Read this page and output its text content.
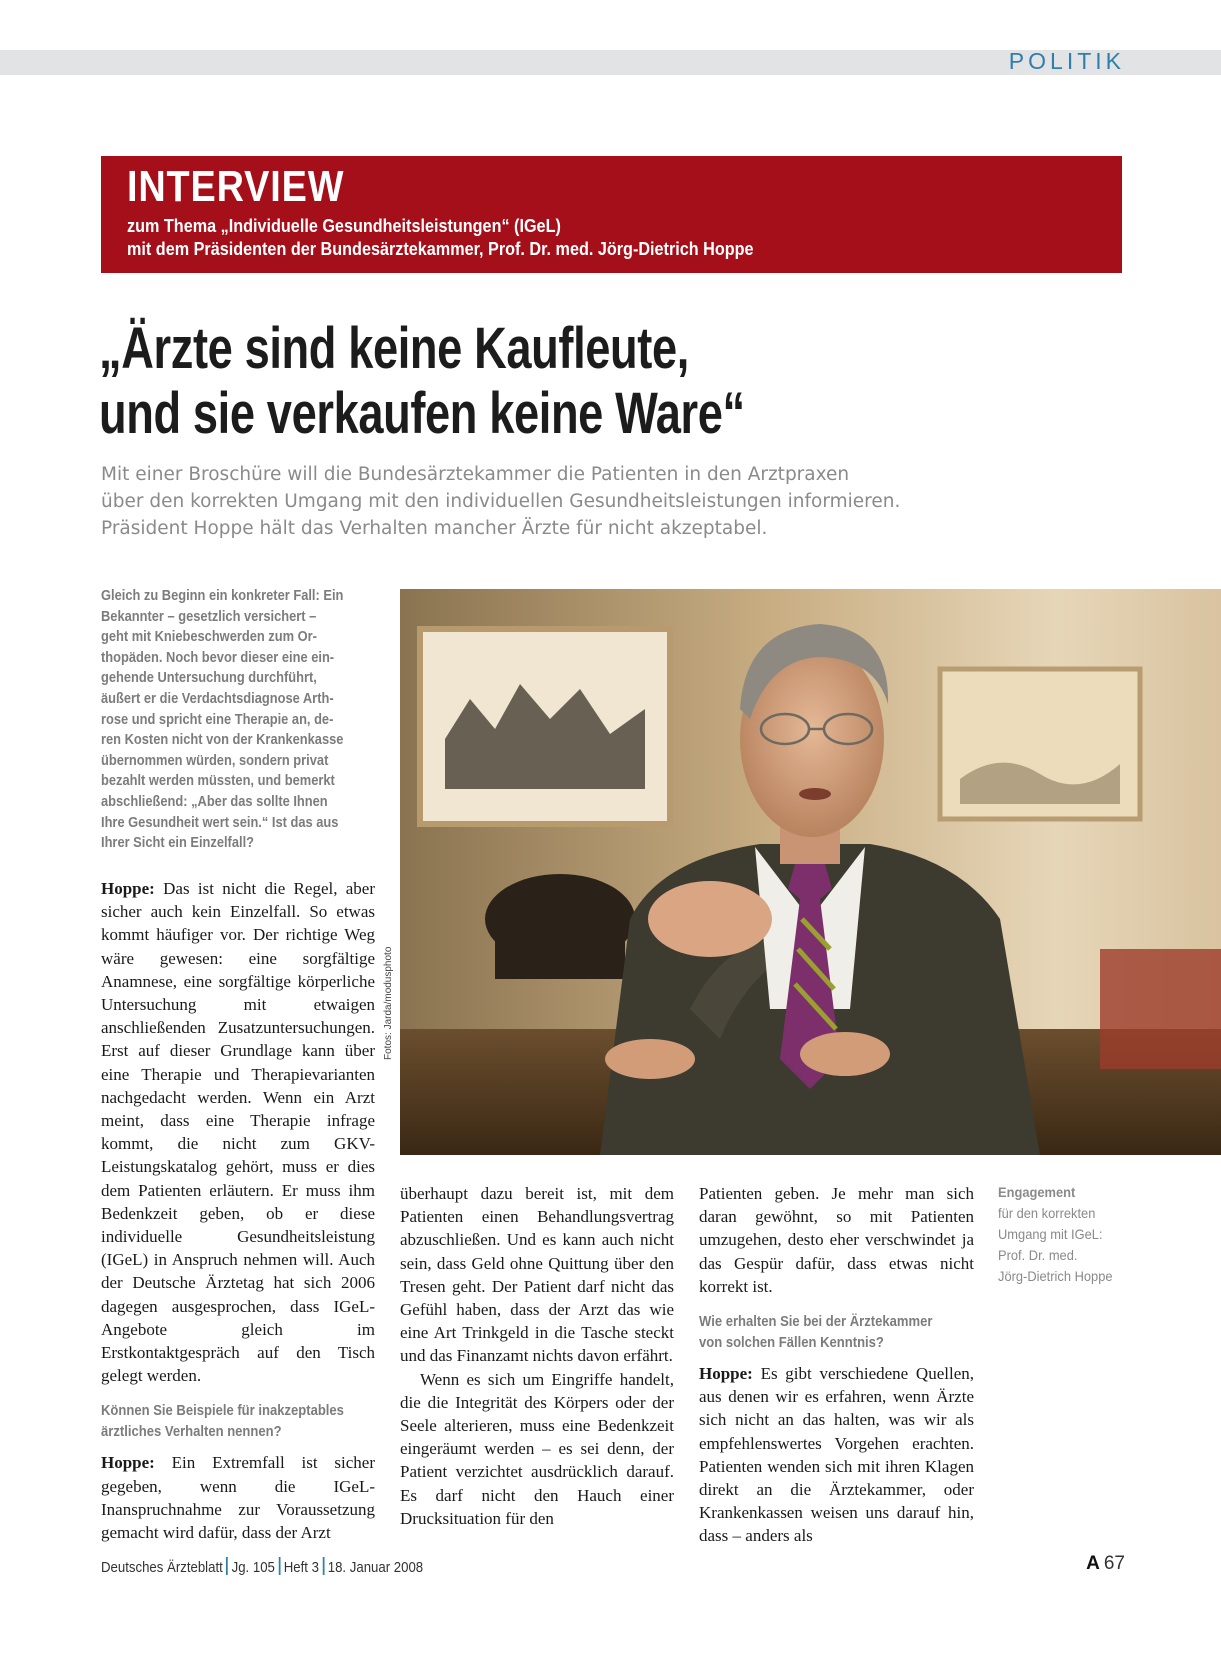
POLITIK
INTERVIEW
zum Thema „Individuelle Gesundheitsleistungen“ (IGeL)
mit dem Präsidenten der Bundesärztekammer, Prof. Dr. med. Jörg-Dietrich Hoppe
„Ärzte sind keine Kaufleute,
und sie verkaufen keine Ware“
Mit einer Broschüre will die Bundesärztekammer die Patienten in den Arztpraxen
über den korrekten Umgang mit den individuellen Gesundheitsleistungen informieren.
Präsident Hoppe hält das Verhalten mancher Ärzte für nicht akzeptabel.
Gleich zu Beginn ein konkreter Fall: Ein
Bekannter – gesetzlich versichert –
geht mit Kniebeschwerden zum Or-
thopäden. Noch bevor dieser eine ein-
gehende Untersuchung durchführt,
äußert er die Verdachtsdiagnose Arth-
rose und spricht eine Therapie an, de-
ren Kosten nicht von der Krankenkasse
übernommen würden, sondern privat
bezahlt werden müssten, und bemerkt
abschließend: „Aber das sollte Ihnen
Ihre Gesundheit wert sein.“ Ist das aus
Ihrer Sicht ein Einzelfall?

Hoppe: Das ist nicht die Regel, aber sicher auch kein Einzelfall. So etwas kommt häufiger vor. Der richtige Weg wäre gewesen: eine sorgfältige Anamnese, eine sorgfältige körperliche Untersuchung mit etwaigen anschließenden Zusatzuntersuchungen. Erst auf dieser Grundlage kann über eine Therapie und Therapievarianten nachgedacht werden. Wenn ein Arzt meint, dass eine Therapie infrage kommt, die nicht zum GKV-Leistungskatalog gehört, muss er dies dem Patienten erläutern. Er muss ihm Bedenkzeit geben, ob er diese individuelle Gesundheitsleistung (IGeL) in Anspruch nehmen will. Auch der Deutsche Ärztetag hat sich 2006 dagegen ausgesprochen, dass IGeL-Angebote gleich im Erstkontaktgespräch auf den Tisch gelegt werden.

Können Sie Beispiele für inakzeptables
ärztliches Verhalten nennen?

Hoppe: Ein Extremfall ist sicher gegeben, wenn die IGeL-Inanspruchnahme zur Voraussetzung gemacht wird dafür, dass der Arzt

Fotos: Jarda/modusphoto

überhaupt dazu bereit ist, mit dem Patienten einen Behandlungsvertrag abzuschließen. Und es kann auch nicht sein, dass Geld ohne Quittung über den Tresen geht. Der Patient darf nicht das Gefühl haben, dass der Arzt das wie eine Art Trinkgeld in die Tasche steckt und das Finanzamt nichts davon erfährt.

Wenn es sich um Eingriffe handelt, die die Integrität des Körpers oder der Seele alterieren, muss eine Bedenkzeit eingeräumt werden – es sei denn, der Patient verzichtet ausdrücklich darauf. Es darf nicht den Hauch einer Drucksituation für den

Patienten geben. Je mehr man sich daran gewöhnt, so mit Patienten umzugehen, desto eher verschwindet ja das Gespür dafür, dass etwas nicht korrekt ist.

Wie erhalten Sie bei der Ärztekammer
von solchen Fällen Kenntnis?

Hoppe: Es gibt verschiedene Quellen, aus denen wir es erfahren, wenn Ärzte sich nicht an das halten, was wir als empfehlenswertes Vorgehen erachten. Patienten wenden sich mit ihren Klagen direkt an die Ärztekammer, oder Krankenkassen weisen uns darauf hin, dass – anders als

Engagement
für den korrekten
Umgang mit IGeL:
Prof. Dr. med.
Jörg-Dietrich Hoppe
Deutsches Ärzteblatt Jg. 105 Heft 3 18. Januar 2008	A 67
